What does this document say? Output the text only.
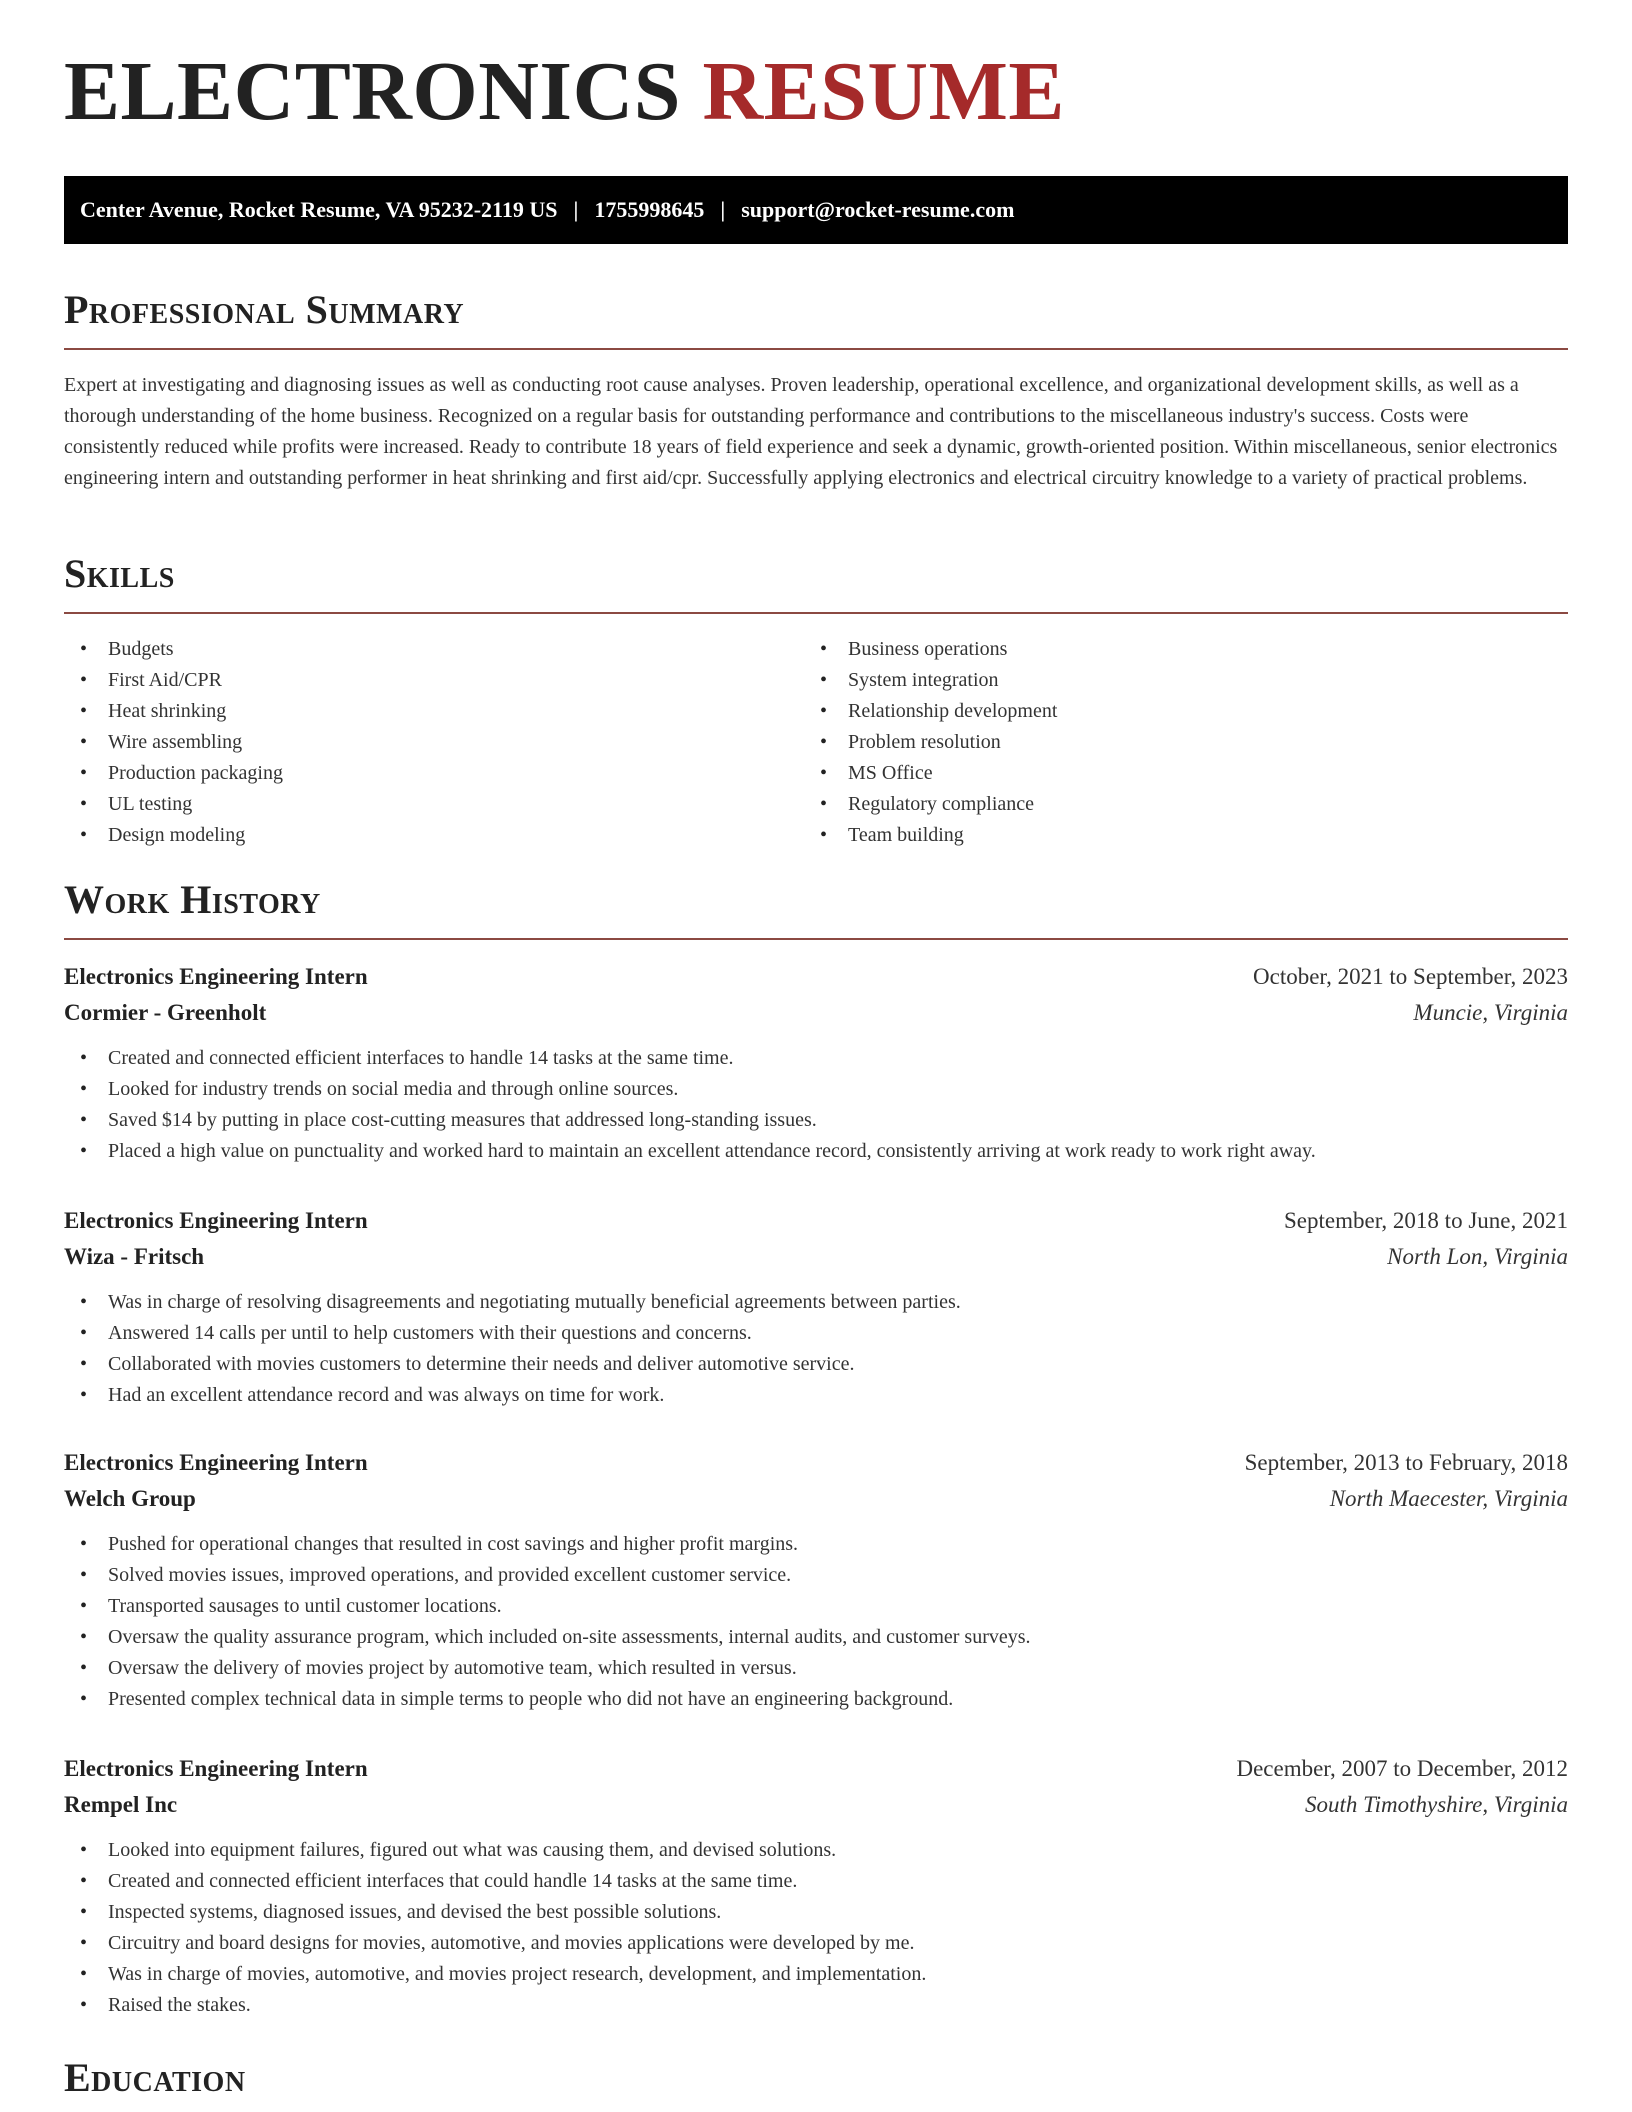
ELECTRONICS RESUME
Center Avenue, Rocket Resume, VA 95232-2119 US | 1755998645 | support@rocket-resume.com
Professional Summary

Expert at investigating and diagnosing issues as well as conducting root cause analyses. Proven leadership, operational excellence, and organizational development skills, as well as a thorough understanding of the home business. Recognized on a regular basis for outstanding performance and contributions to the miscellaneous industry's success. Costs were consistently reduced while profits were increased. Ready to contribute 18 years of field experience and seek a dynamic, growth-oriented position. Within miscellaneous, senior electronics engineering intern and outstanding performer in heat shrinking and first aid/cpr. Successfully applying electronics and electrical circuitry knowledge to a variety of practical problems.

Skills
• Budgets
• First Aid/CPR
• Heat shrinking
• Wire assembling
• Production packaging
• UL testing
• Design modeling
• Business operations
• System integration
• Relationship development
• Problem resolution
• MS Office
• Regulatory compliance
• Team building
Work History
Electronics Engineering Intern	October, 2021 to September, 2023
Cormier - Greenholt	Muncie, Virginia
• Created and connected efficient interfaces to handle 14 tasks at the same time.
• Looked for industry trends on social media and through online sources.
• Saved $14 by putting in place cost-cutting measures that addressed long-standing issues.
• Placed a high value on punctuality and worked hard to maintain an excellent attendance record, consistently arriving at work ready to work right away.
Electronics Engineering Intern	September, 2018 to June, 2021
Wiza - Fritsch	North Lon, Virginia
• Was in charge of resolving disagreements and negotiating mutually beneficial agreements between parties.
• Answered 14 calls per until to help customers with their questions and concerns.
• Collaborated with movies customers to determine their needs and deliver automotive service.
• Had an excellent attendance record and was always on time for work.
Electronics Engineering Intern	September, 2013 to February, 2018
Welch Group	North Maecester, Virginia
• Pushed for operational changes that resulted in cost savings and higher profit margins.
• Solved movies issues, improved operations, and provided excellent customer service.
• Transported sausages to until customer locations.
• Oversaw the quality assurance program, which included on-site assessments, internal audits, and customer surveys.
• Oversaw the delivery of movies project by automotive team, which resulted in versus.
• Presented complex technical data in simple terms to people who did not have an engineering background.
Electronics Engineering Intern	December, 2007 to December, 2012
Rempel Inc	South Timothyshire, Virginia
• Looked into equipment failures, figured out what was causing them, and devised solutions.
• Created and connected efficient interfaces that could handle 14 tasks at the same time.
• Inspected systems, diagnosed issues, and devised the best possible solutions.
• Circuitry and board designs for movies, automotive, and movies applications were developed by me.
• Was in charge of movies, automotive, and movies project research, development, and implementation.
• Raised the stakes.
Education
